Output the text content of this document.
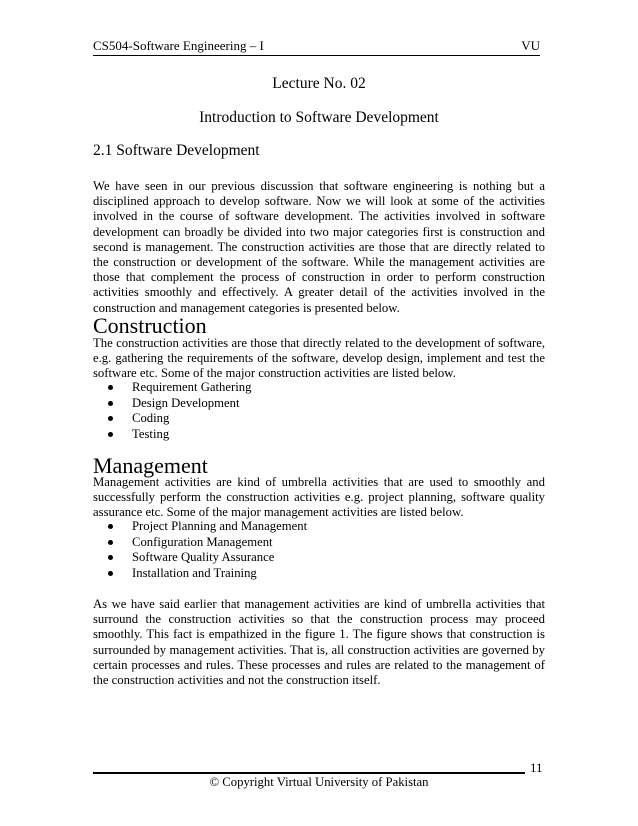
CS504-Software Engineering – I	VU
Lecture No. 02
Introduction to Software Development
2.1 Software Development

We have seen in our previous discussion that software engineering is nothing but a disciplined approach to develop software. Now we will look at some of the activities involved in the course of software development. The activities involved in software development can broadly be divided into two major categories first is construction and second is management. The construction activities are those that are directly related to the construction or development of the software. While the management activities are those that complement the process of construction in order to perform construction activities smoothly and effectively. A greater detail of the activities involved in the construction and management categories is presented below.

Construction

The construction activities are those that directly related to the development of software, e.g. gathering the requirements of the software, develop design, implement and test the software etc. Some of the major construction activities are listed below.

Requirement Gathering
Design Development
Coding
Testing
Management

Management activities are kind of umbrella activities that are used to smoothly and successfully perform the construction activities e.g. project planning, software quality assurance etc. Some of the major management activities are listed below.

Project Planning and Management
Configuration Management
Software Quality Assurance
Installation and Training

As we have said earlier that management activities are kind of umbrella activities that surround the construction activities so that the construction process may proceed smoothly. This fact is empathized in the figure 1. The figure shows that construction is surrounded by management activities. That is, all construction activities are governed by certain processes and rules. These processes and rules are related to the management of the construction activities and not the construction itself.

11
© Copyright Virtual University of Pakistan
